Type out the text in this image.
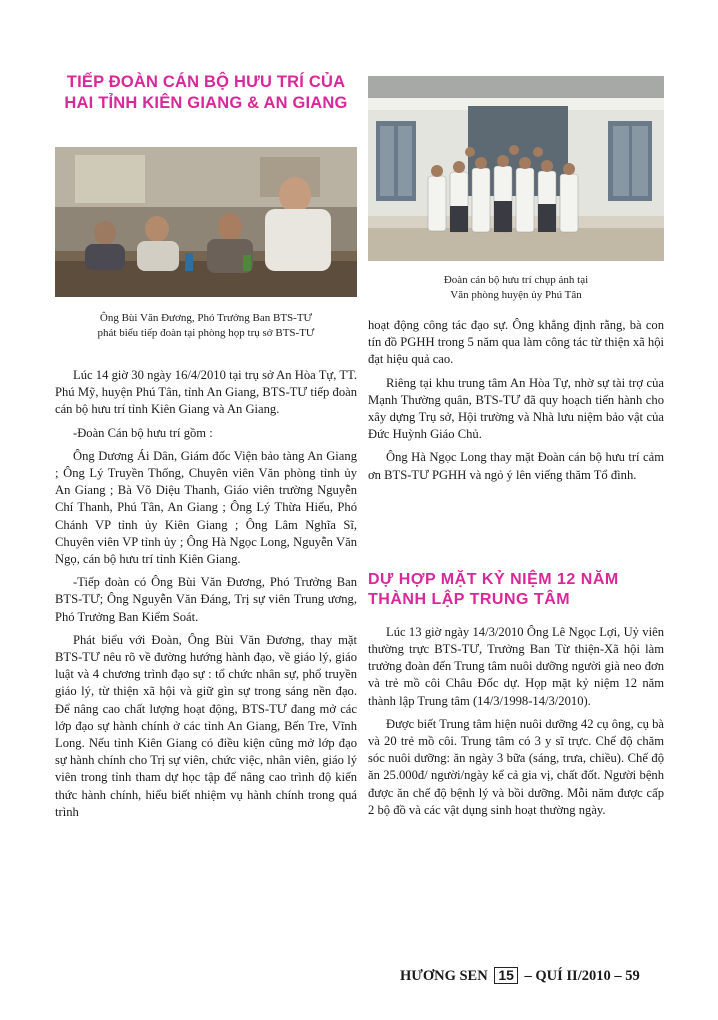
TIẾP ĐOÀN CÁN BỘ HƯU TRÍ CỦA
HAI TỈNH KIÊN GIANG & AN GIANG

Ông Bùi Văn Đương, Phó Trưởng Ban BTS-TƯ
phát biểu tiếp đoàn tại phòng họp trụ sở BTS-TƯ

Lúc 14 giờ 30 ngày 16/4/2010 tại trụ sở An Hòa Tự, TT. Phú Mỹ, huyện Phú Tân, tỉnh An Giang, BTS-TƯ tiếp đoàn cán bộ hưu trí tỉnh Kiên Giang và An Giang.

-Đoàn Cán bộ hưu trí gồm :

Ông Dương Ái Dân, Giám đốc Viện bảo tàng An Giang ; Ông Lý Truyền Thống, Chuyên viên Văn phòng tỉnh ủy An Giang ; Bà Võ Diệu Thanh, Giáo viên trường Nguyễn Chí Thanh, Phú Tân, An Giang ; Ông Lý Thừa Hiếu, Phó Chánh VP tỉnh ủy Kiên Giang ; Ông Lâm Nghĩa Sĩ, Chuyên viên VP tỉnh ủy ; Ông Hà Ngọc Long, Nguyễn Văn Ngọ, cán bộ hưu trí tỉnh Kiên Giang.

-Tiếp đoàn có Ông Bùi Văn Đương, Phó Trưởng Ban BTS-TƯ; Ông Nguyễn Văn Đáng, Trị sự viên Trung ương, Phó Trưởng Ban Kiểm Soát.

Phát biểu với Đoàn, Ông Bùi Văn Đương, thay mặt BTS-TƯ nêu rõ về đường hướng hành đạo, về giáo lý, giáo luật và 4 chương trình đạo sự : tổ chức nhân sự, phổ truyền giáo lý, từ thiện xã hội và giữ gìn sự trong sáng nền đạo. Để nâng cao chất lượng hoạt động, BTS-TƯ đang mở các lớp đạo sự hành chính ở các tỉnh An Giang, Bến Tre, Vĩnh Long. Nếu tỉnh Kiên Giang có điều kiện cũng mở lớp đạo sự hành chính cho Trị sự viên, chức việc, nhân viên, giáo lý viên trong tỉnh tham dự học tập để nâng cao trình độ kiến thức hành chính, hiểu biết nhiệm vụ hành chính trong quá trình

Đoàn cán bộ hưu trí chụp ảnh tại
Văn phòng huyện ủy Phú Tân

hoạt động công tác đạo sự. Ông khẳng định rằng, bà con tín đồ PGHH trong 5 năm qua làm công tác từ thiện xã hội đạt hiệu quả cao.

Riêng tại khu trung tâm An Hòa Tự, nhờ sự tài trợ của Mạnh Thường quân, BTS-TƯ đã quy hoạch tiến hành cho xây dựng Trụ sở, Hội trường và Nhà lưu niệm bảo vật của Đức Huỳnh Giáo Chủ.

Ông Hà Ngọc Long thay mặt Đoàn cán bộ hưu trí cảm ơn BTS-TƯ PGHH và ngỏ ý lên viếng thăm Tổ đình.

DỰ HỢP MẶT KỶ NIỆM 12 NĂM
THÀNH LẬP TRUNG TÂM

Lúc 13 giờ ngày 14/3/2010 Ông Lê Ngọc Lợi, Uỷ viên thường trực BTS-TƯ, Trưởng Ban Từ thiện-Xã hội làm trưởng đoàn đến Trung tâm nuôi dưỡng người già neo đơn và trẻ mồ côi Châu Đốc dự. Họp mặt kỷ niệm 12 năm thành lập Trung tâm (14/3/1998-14/3/2010).

Được biết Trung tâm hiện nuôi dưỡng 42 cụ ông, cụ bà và 20 trẻ mồ côi. Trung tâm có 3 y sĩ trực. Chế độ chăm sóc nuôi dưỡng: ăn ngày 3 bữa (sáng, trưa, chiều). Chế độ ăn 25.000đ/ người/ngày kể cả gia vị, chất đốt. Người bệnh được ăn chế độ bệnh lý và bồi dưỡng. Mỗi năm được cấp 2 bộ đồ và các vật dụng sinh hoạt thường ngày.

HƯƠNG SEN 15 – QUÍ II/2010 – 59
